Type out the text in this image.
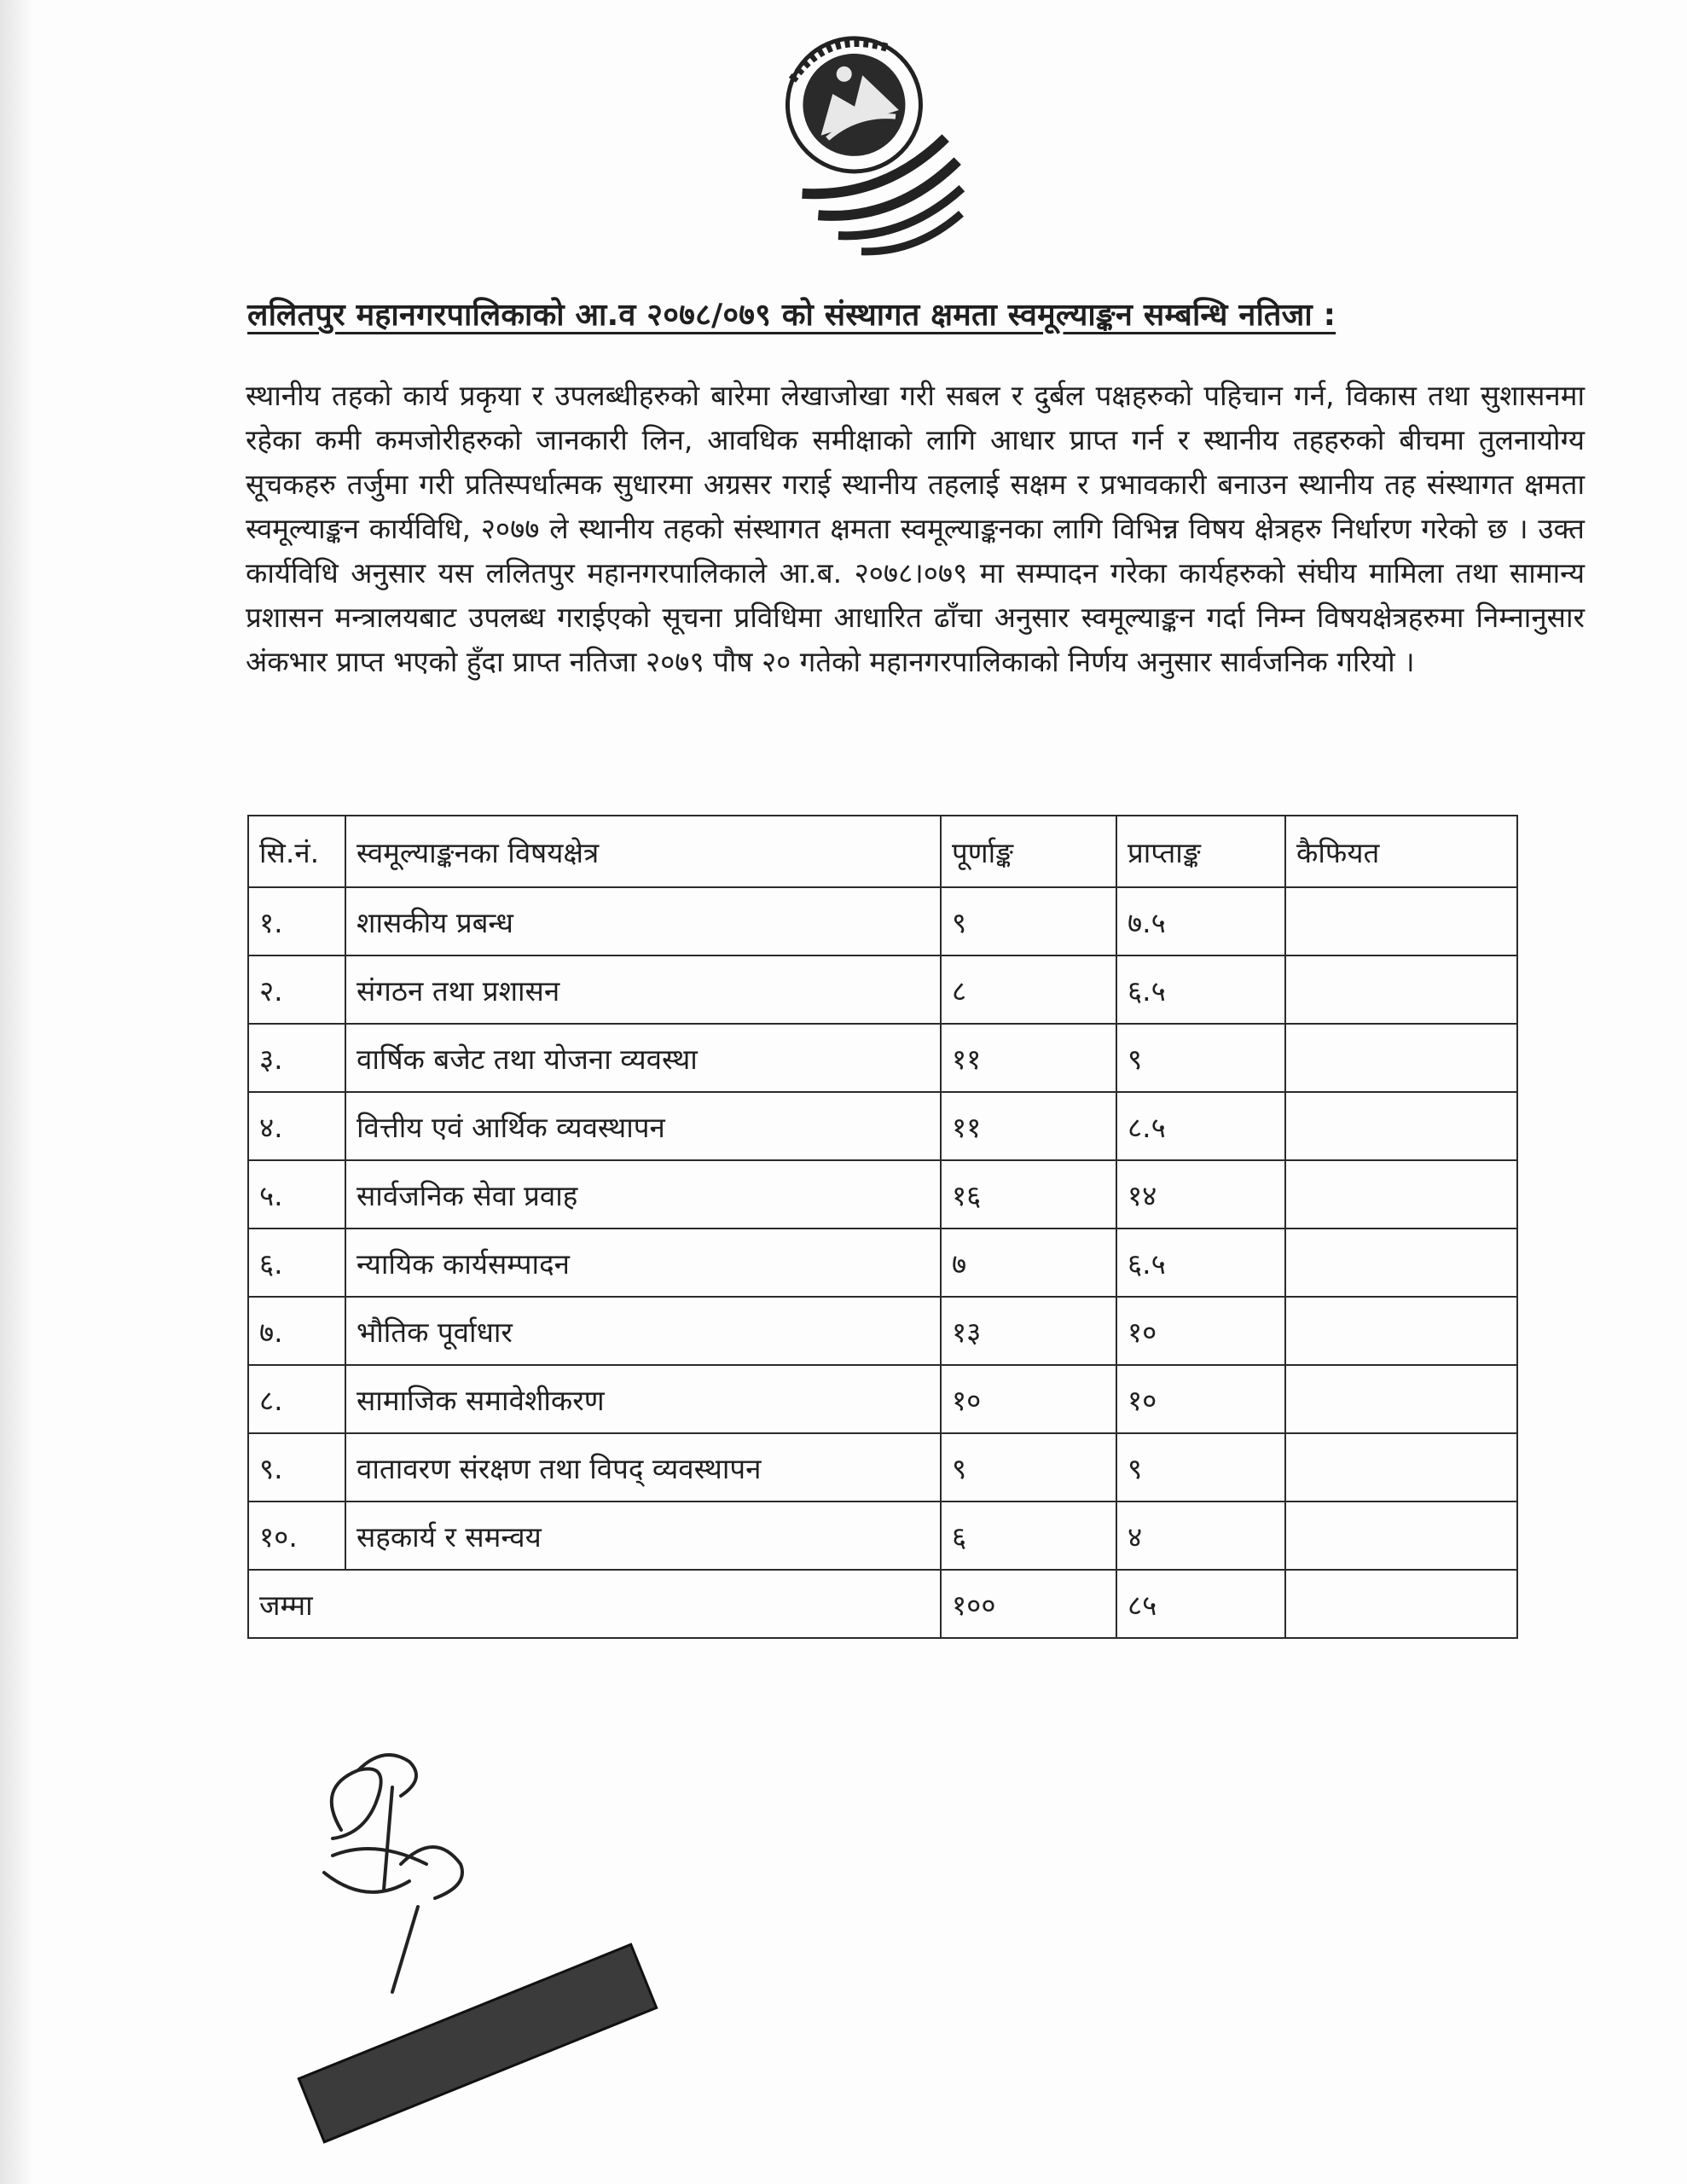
ललितपुर महानगरपालिकाको आ.व २०७८/०७९ को संस्थागत क्षमता स्वमूल्याङ्कन सम्बन्धि नतिजा :
स्थानीय तहको कार्य प्रकृया र उपलब्धीहरुको बारेमा लेखाजोखा गरी सबल र दुर्बल पक्षहरुको पहिचान गर्न, विकास तथा सुशासनमा रहेका कमी कमजोरीहरुको जानकारी लिन, आवधिक समीक्षाको लागि आधार प्राप्त गर्न र स्थानीय तहहरुको बीचमा तुलनायोग्य सूचकहरु तर्जुमा गरी प्रतिस्पर्धात्मक सुधारमा अग्रसर गराई स्थानीय तहलाई सक्षम र प्रभावकारी बनाउन स्थानीय तह संस्थागत क्षमता स्वमूल्याङ्कन कार्यविधि, २०७७ ले स्थानीय तहको संस्थागत क्षमता स्वमूल्याङ्कनका लागि विभिन्न विषय क्षेत्रहरु निर्धारण गरेको छ । उक्त कार्यविधि अनुसार यस ललितपुर महानगरपालिकाले आ.ब. २०७८।०७९ मा सम्पादन गरेका कार्यहरुको संघीय मामिला तथा सामान्य प्रशासन मन्त्रालयबाट उपलब्ध गराईएको सूचना प्रविधिमा आधारित ढाँचा अनुसार स्वमूल्याङ्कन गर्दा निम्न विषयक्षेत्रहरुमा निम्नानुसार अंकभार प्राप्त भएको हुँदा प्राप्त नतिजा २०७९ पौष २० गतेको महानगरपालिकाको निर्णय अनुसार सार्वजनिक गरियो ।
सि.नं.	स्वमूल्याङ्कनका विषयक्षेत्र	पूर्णाङ्क	प्राप्ताङ्क	कैफियत
१.	शासकीय प्रबन्ध	९	७.५	
२.	संगठन तथा प्रशासन	८	६.५	
३.	वार्षिक बजेट तथा योजना व्यवस्था	११	९	
४.	वित्तीय एवं आर्थिक व्यवस्थापन	११	८.५	
५.	सार्वजनिक सेवा प्रवाह	१६	१४	
६.	न्यायिक कार्यसम्पादन	७	६.५	
७.	भौतिक पूर्वाधार	१३	१०	
८.	सामाजिक समावेशीकरण	१०	१०	
९.	वातावरण संरक्षण तथा विपद् व्यवस्थापन	९	९	
१०.	सहकार्य र समन्वय	६	४	
जम्मा		१००	८५	
